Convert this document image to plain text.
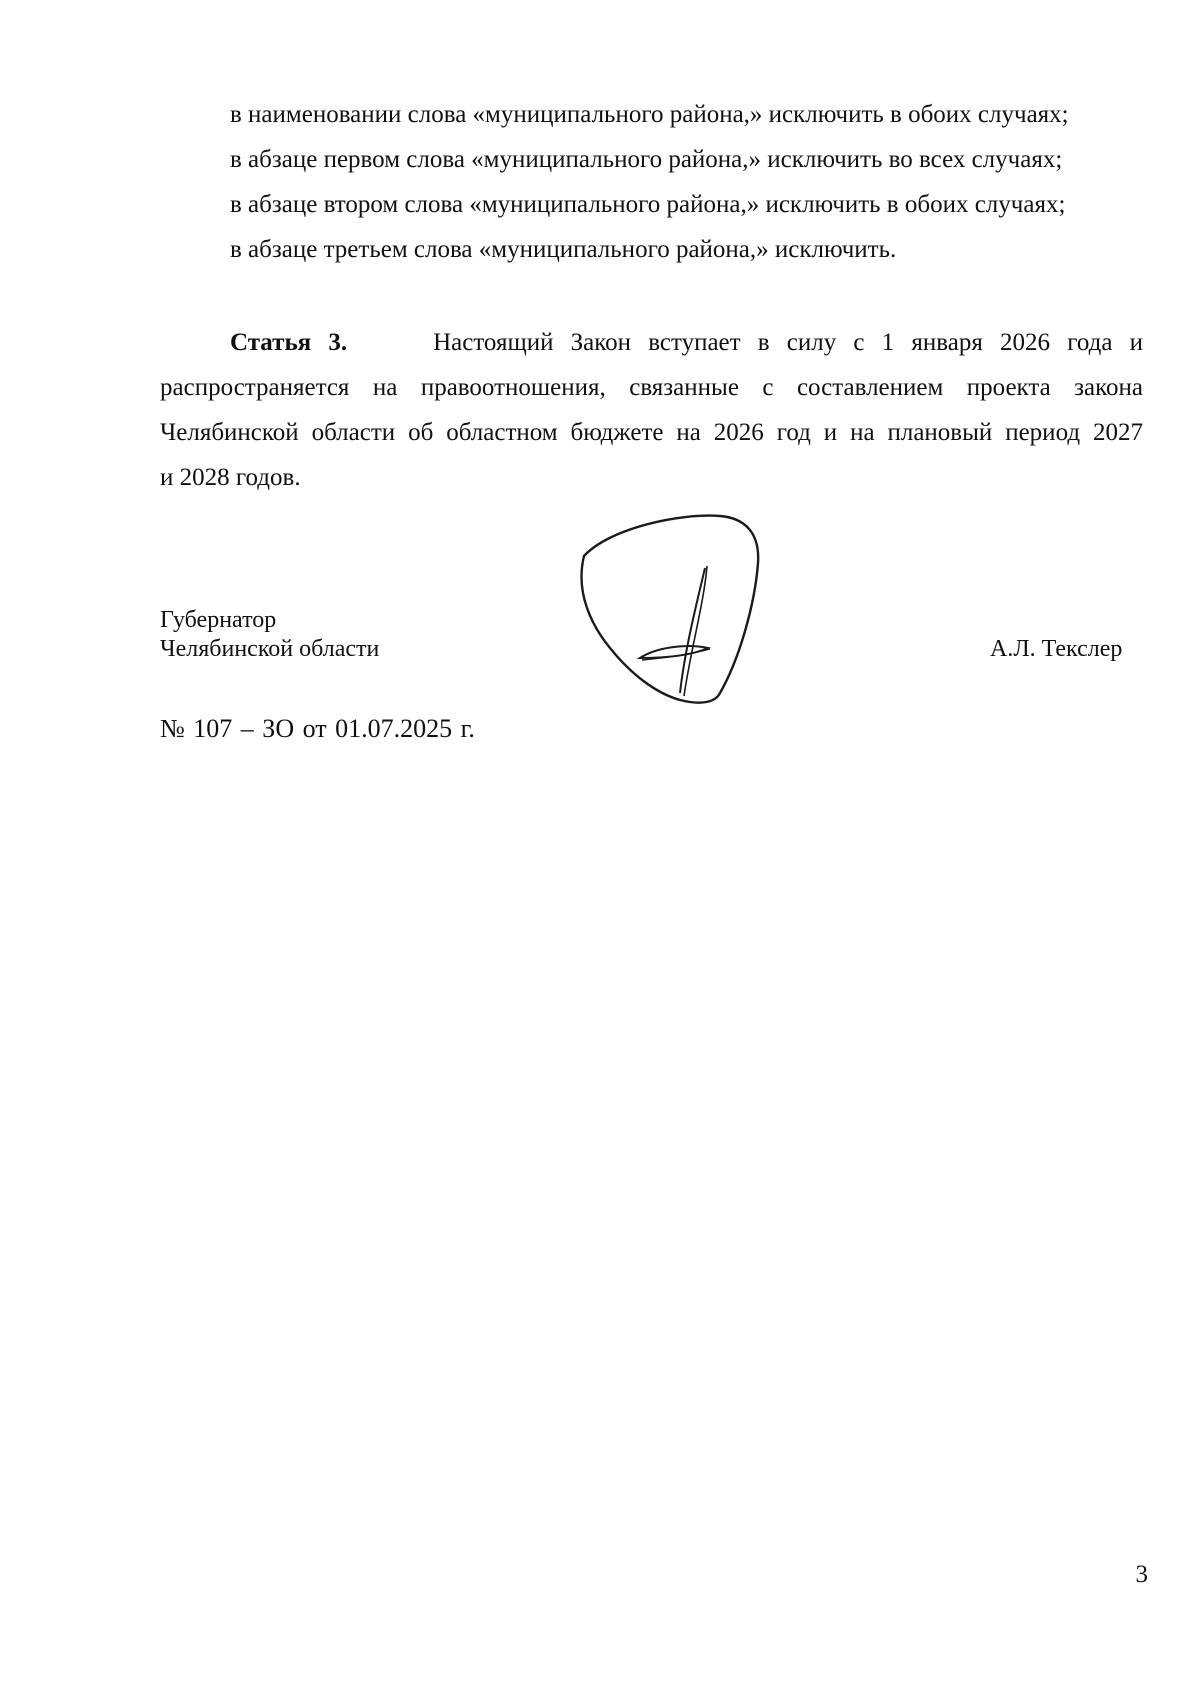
в наименовании слова «муниципального района,» исключить в обоих случаях;
в абзаце первом слова «муниципального района,» исключить во всех случаях;
в абзаце втором слова «муниципального района,» исключить в обоих случаях;
в абзаце третьем слова «муниципального района,» исключить.
Статья 3.	Настоящий Закон вступает в силу с 1 января 2026 года и
распространяется на правоотношения, связанные с составлением проекта закона
Челябинской области об областном бюджете на 2026 год и на плановый период 2027
и 2028 годов.
Губернатор
Челябинской области	А.Л. Текслер
№ 107 – ЗО от 01.07.2025 г.
3
